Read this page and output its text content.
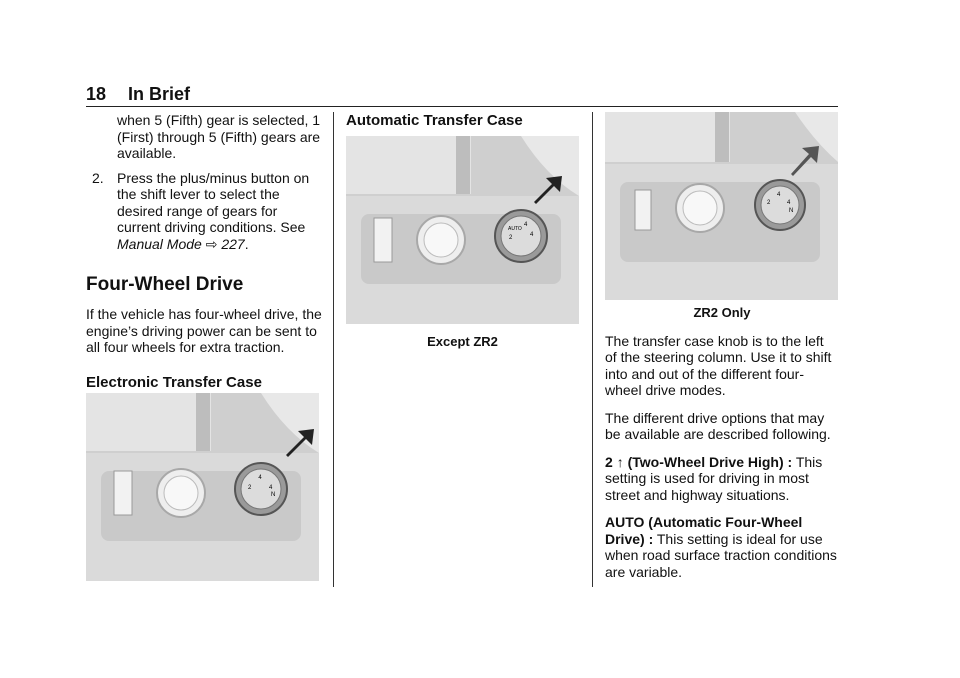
18 In Brief

when 5 (Fifth) gear is selected, 1 (First) through 5 (Fifth) gears are available.

2. Press the plus/minus button on the shift lever to select the desired range of gears for current driving conditions. See
Manual Mode ⇨ 227.
Four-Wheel Drive

If the vehicle has four-wheel drive, the engine’s driving power can be sent to all four wheels for extra traction.

Electronic Transfer Case
4
2	4
N
Automatic Transfer Case
AUTO
4
2	4

Except ZR2

4
2	4
N

ZR2 Only

The transfer case knob is to the left of the steering column. Use it to shift into and out of the different four-wheel drive modes.

The different drive options that may be available are described following.

2 ↑ (Two-Wheel Drive High) : This setting is used for driving in most street and highway situations.

AUTO (Automatic Four-Wheel Drive) : This setting is ideal for use when road surface traction conditions are variable.
